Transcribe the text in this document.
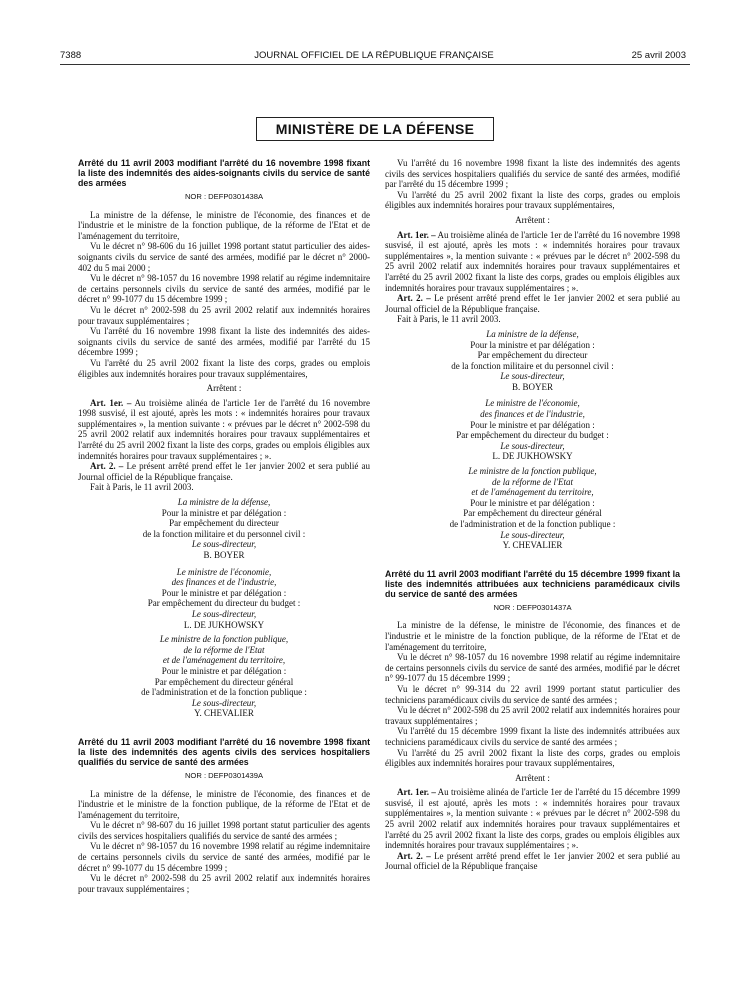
7388	JOURNAL OFFICIEL DE LA RÉPUBLIQUE FRANÇAISE	25 avril 2003
MINISTÈRE DE LA DÉFENSE

Arrêté du 11 avril 2003 modifiant l'arrêté du 16 novembre 1998 fixant la liste des indemnités des aides-soignants civils du service de santé des armées

NOR : DEFP0301438A

La ministre de la défense, le ministre de l'économie, des finances et de l'industrie et le ministre de la fonction publique, de la réforme de l'Etat et de l'aménagement du territoire,

Vu le décret n° 98-606 du 16 juillet 1998 portant statut particulier des aides-soignants civils du service de santé des armées, modifié par le décret n° 2000-402 du 5 mai 2000 ;

Vu le décret n° 98-1057 du 16 novembre 1998 relatif au régime indemnitaire de certains personnels civils du service de santé des armées, modifié par le décret n° 99-1077 du 15 décembre 1999 ;

Vu le décret n° 2002-598 du 25 avril 2002 relatif aux indemnités horaires pour travaux supplémentaires ;

Vu l'arrêté du 16 novembre 1998 fixant la liste des indemnités des aides-soignants civils du service de santé des armées, modifié par l'arrêté du 15 décembre 1999 ;

Vu l'arrêté du 25 avril 2002 fixant la liste des corps, grades ou emplois éligibles aux indemnités horaires pour travaux supplémentaires,

Arrêtent :

Art. 1er. – Au troisième alinéa de l'article 1er de l'arrêté du 16 novembre 1998 susvisé, il est ajouté, après les mots : « indemnités horaires pour travaux supplémentaires », la mention suivante : « prévues par le décret n° 2002-598 du 25 avril 2002 relatif aux indemnités horaires pour travaux supplémentaires et l'arrêté du 25 avril 2002 fixant la liste des corps, grades ou emplois éligibles aux indemnités horaires pour travaux supplémentaires ; ».

Art. 2. – Le présent arrêté prend effet le 1er janvier 2002 et sera publié au Journal officiel de la République française.

Fait à Paris, le 11 avril 2003.

La ministre de la défense,
Pour la ministre et par délégation :
Par empêchement du directeur
de la fonction militaire et du personnel civil :
Le sous-directeur,
B. BOYER
Le ministre de l'économie,
des finances et de l'industrie,
Pour le ministre et par délégation :
Par empêchement du directeur du budget :
Le sous-directeur,
L. DE JUKHOWSKY
Le ministre de la fonction publique,
de la réforme de l'Etat
et de l'aménagement du territoire,
Pour le ministre et par délégation :
Par empêchement du directeur général
de l'administration et de la fonction publique :
Le sous-directeur,
Y. CHEVALIER

Arrêté du 11 avril 2003 modifiant l'arrêté du 16 novembre 1998 fixant la liste des indemnités des agents civils des services hospitaliers qualifiés du service de santé des armées

NOR : DEFP0301439A

La ministre de la défense, le ministre de l'économie, des finances et de l'industrie et le ministre de la fonction publique, de la réforme de l'Etat et de l'aménagement du territoire,

Vu le décret n° 98-607 du 16 juillet 1998 portant statut particulier des agents civils des services hospitaliers qualifiés du service de santé des armées ;

Vu le décret n° 98-1057 du 16 novembre 1998 relatif au régime indemnitaire de certains personnels civils du service de santé des armées, modifié par le décret n° 99-1077 du 15 décembre 1999 ;

Vu le décret n° 2002-598 du 25 avril 2002 relatif aux indemnités horaires pour travaux supplémentaires ;

Vu l'arrêté du 16 novembre 1998 fixant la liste des indemnités des agents civils des services hospitaliers qualifiés du service de santé des armées, modifié par l'arrêté du 15 décembre 1999 ;

Vu l'arrêté du 25 avril 2002 fixant la liste des corps, grades ou emplois éligibles aux indemnités horaires pour travaux supplémentaires,

Arrêtent :

Art. 1er. – Au troisième alinéa de l'article 1er de l'arrêté du 16 novembre 1998 susvisé, il est ajouté, après les mots : « indemnités horaires pour travaux supplémentaires », la mention suivante : « prévues par le décret n° 2002-598 du 25 avril 2002 relatif aux indemnités horaires pour travaux supplémentaires et l'arrêté du 25 avril 2002 fixant la liste des corps, grades ou emplois éligibles aux indemnités horaires pour travaux supplémentaires ; ».

Art. 2. – Le présent arrêté prend effet le 1er janvier 2002 et sera publié au Journal officiel de la République française.

Fait à Paris, le 11 avril 2003.

La ministre de la défense,
Pour la ministre et par délégation :
Par empêchement du directeur
de la fonction militaire et du personnel civil :
Le sous-directeur,
B. BOYER
Le ministre de l'économie,
des finances et de l'industrie,
Pour le ministre et par délégation :
Par empêchement du directeur du budget :
Le sous-directeur,
L. DE JUKHOWSKY
Le ministre de la fonction publique,
de la réforme de l'Etat
et de l'aménagement du territoire,
Pour le ministre et par délégation :
Par empêchement du directeur général
de l'administration et de la fonction publique :
Le sous-directeur,
Y. CHEVALIER

Arrêté du 11 avril 2003 modifiant l'arrêté du 15 décembre 1999 fixant la liste des indemnités attribuées aux techniciens paramédicaux civils du service de santé des armées

NOR : DEFP0301437A

La ministre de la défense, le ministre de l'économie, des finances et de l'industrie et le ministre de la fonction publique, de la réforme de l'Etat et de l'aménagement du territoire,

Vu le décret n° 98-1057 du 16 novembre 1998 relatif au régime indemnitaire de certains personnels civils du service de santé des armées, modifié par le décret n° 99-1077 du 15 décembre 1999 ;

Vu le décret n° 99-314 du 22 avril 1999 portant statut particulier des techniciens paramédicaux civils du service de santé des armées ;

Vu le décret n° 2002-598 du 25 avril 2002 relatif aux indemnités horaires pour travaux supplémentaires ;

Vu l'arrêté du 15 décembre 1999 fixant la liste des indemnités attribuées aux techniciens paramédicaux civils du service de santé des armées ;

Vu l'arrêté du 25 avril 2002 fixant la liste des corps, grades ou emplois éligibles aux indemnités horaires pour travaux supplémentaires,

Arrêtent :

Art. 1er. – Au troisième alinéa de l'article 1er de l'arrêté du 15 décembre 1999 susvisé, il est ajouté, après les mots : « indemnités horaires pour travaux supplémentaires », la mention suivante : « prévues par le décret n° 2002-598 du 25 avril 2002 relatif aux indemnités horaires pour travaux supplémentaires et l'arrêté du 25 avril 2002 fixant la liste des corps, grades ou emplois éligibles aux indemnités horaires pour travaux supplémentaires ; ».

Art. 2. – Le présent arrêté prend effet le 1er janvier 2002 et sera publié au Journal officiel de la République française
